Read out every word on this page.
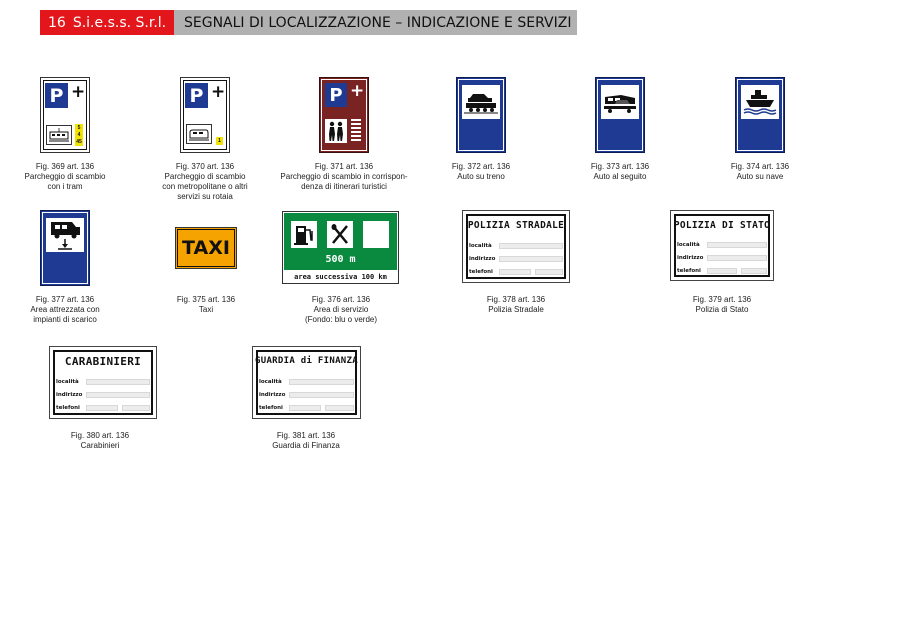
16 S.i.e.s.s. S.r.l.	SEGNALI DI LOCALIZZAZIONE – INDICAZIONE E SERVIZI
P +
5
4
45
Fig. 369 art. 136
Parcheggio di scambio
con i tram
P +
1
Fig. 370 art. 136
Parcheggio di scambio
con metropolitane o altri
servizi su rotaia
P +
Fig. 371 art. 136
Parcheggio di scambio in corrispon-
denza di itinerari turistici
Fig. 372 art. 136
Auto su treno
Fig. 373 art. 136
Auto al seguito
Fig. 374 art. 136
Auto su nave
Fig. 377 art. 136
Area attrezzata con
impianti di scarico
TAXI
Fig. 375 art. 136
Taxi
500 m
area successiva 100 km
Fig. 376 art. 136
Area di servizio
(Fondo: blu o verde)
POLIZIA STRADALE
località
indirizzo
telefoni
Fig. 378 art. 136
Polizia Stradale
POLIZIA DI STATO
località
indirizzo
telefoni
Fig. 379 art. 136
Polizia di Stato
CARABINIERI
località
indirizzo
telefoni
Fig. 380 art. 136
Carabinieri
GUARDIA di FINANZA
località
indirizzo
telefoni
Fig. 381 art. 136
Guardia di Finanza
